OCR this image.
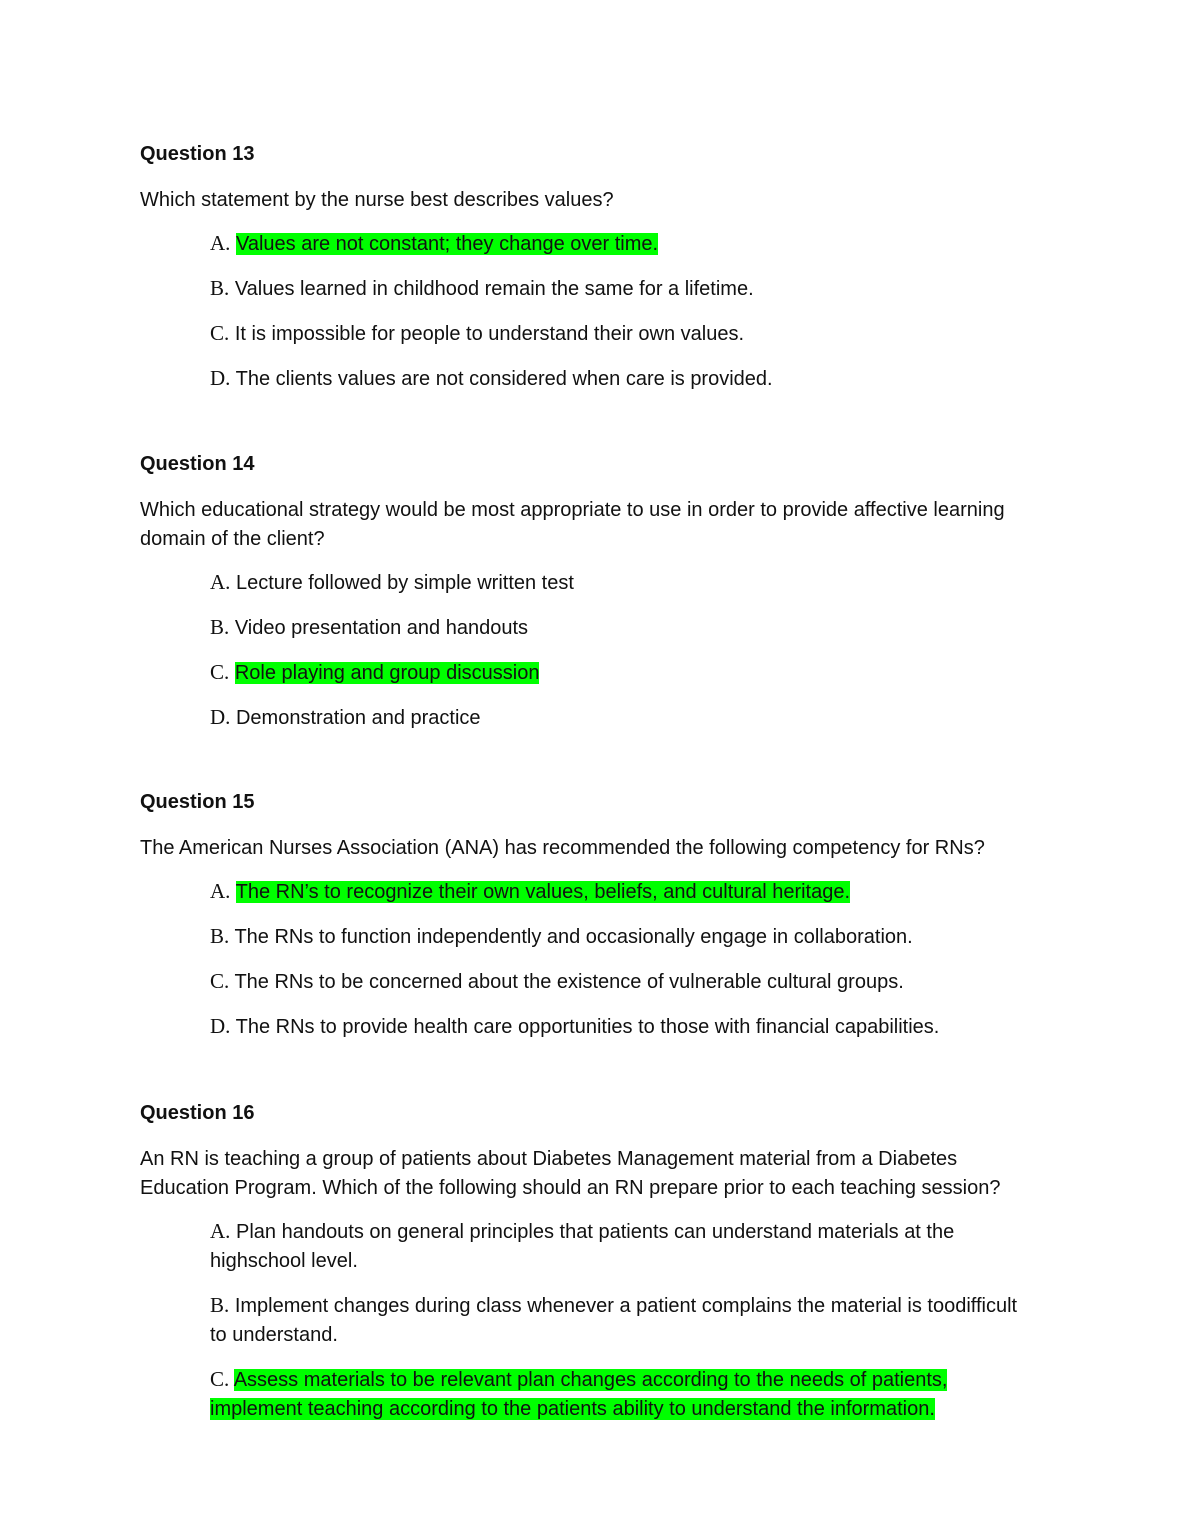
Question 13
Which statement by the nurse best describes values?
A. Values are not constant; they change over time.
B. Values learned in childhood remain the same for a lifetime.
C. It is impossible for people to understand their own values.
D. The clients values are not considered when care is provided.
Question 14
Which educational strategy would be most appropriate to use in order to provide affective learning domain of the client?
A. Lecture followed by simple written test
B. Video presentation and handouts
C. Role playing and group discussion
D. Demonstration and practice
Question 15
The American Nurses Association (ANA) has recommended the following competency for RNs?
A. The RN’s to recognize their own values, beliefs, and cultural heritage.
B. The RNs to function independently and occasionally engage in collaboration.
C. The RNs to be concerned about the existence of vulnerable cultural groups.
D. The RNs to provide health care opportunities to those with financial capabilities.
Question 16
An RN is teaching a group of patients about Diabetes Management material from a Diabetes Education Program. Which of the following should an RN prepare prior to each teaching session?
A. Plan handouts on general principles that patients can understand materials at the highschool level.
B. Implement changes during class whenever a patient complains the material is toodifficult to understand.
C. Assess materials to be relevant plan changes according to the needs of patients, implement teaching according to the patients ability to understand the information.
